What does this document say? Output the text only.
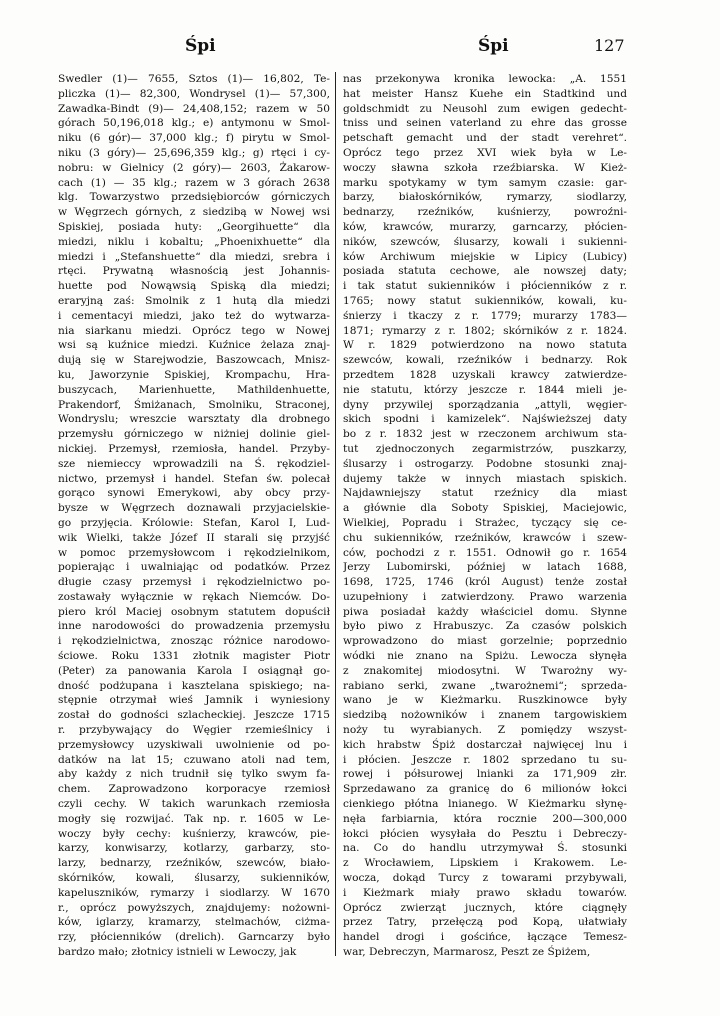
Śpi	Śpi	127
Swedler (1)— 7655, Sztos (1)— 16,802, Te-
pliczka (1)— 82,300, Wondrysel (1)— 57,300,
Zawadka-Bindt (9)— 24,408,152; razem w 50
górach 50,196,018 klg.; e) antymonu w Smol-
niku (6 gór)— 37,000 klg.; f) pirytu w Smol-
niku (3 góry)— 25,696,359 klg.; g) rtęci i cy-
nobru: w Gielnicy (2 góry)— 2603, Żakarow-
cach (1) — 35 klg.; razem w 3 górach 2638
klg. Towarzystwo przedsiębiorców górniczych
w Węgrzech górnych, z siedzibą w Nowej wsi
Spiskiej, posiada huty: „Georgihuette“ dla
miedzi, niklu i kobaltu; „Phoenixhuette“ dla
miedzi i „Stefanshuette“ dla miedzi, srebra i
rtęci. Prywatną własnością jest Johannis-
huette pod Nowąwsią Spiską dla miedzi;
eraryjną zaś: Smolnik z 1 hutą dla miedzi
i cementacyi miedzi, jako też do wytwarza-
nia siarkanu miedzi. Oprócz tego w Nowej
wsi są kuźnice miedzi. Kuźnice żelaza znaj-
dują się w Starejwodzie, Baszowcach, Mnisz-
ku, Jaworzynie Spiskiej, Krompachu, Hra-
buszycach, Marienhuette, Mathildenhuette,
Prakendorf, Śmiżanach, Smolniku, Straconej,
Wondryslu; wreszcie warsztaty dla drobnego
przemysłu górniczego w niżniej dolinie giel-
nickiej. Przemysł, rzemiosła, handel. Przyby-
sze niemieccy wprowadzili na Ś. rękodziel-
nictwo, przemysł i handel. Stefan św. polecał
gorąco synowi Emerykowi, aby obcy przy-
bysze w Węgrzech doznawali przyjacielskie-
go przyjęcia. Królowie: Stefan, Karol I, Lud-
wik Wielki, także Józef II starali się przyjść
w pomoc przemysłowcom i rękodzielnikom,
popierając i uwalniając od podatków. Przez
długie czasy przemysł i rękodzielnictwo po-
zostawały wyłącznie w rękach Niemców. Do-
piero król Maciej osobnym statutem dopuścił
inne narodowości do prowadzenia przemysłu
i rękodzielnictwa, znosząc różnice narodowo-
ściowe. Roku 1331 złotnik magister Piotr
(Peter) za panowania Karola I osiągnął go-
dność podżupana i kasztelana spiskiego; na-
stępnie otrzymał wieś Jamnik i wyniesiony
został do godności szlacheckiej. Jeszcze 1715
r. przybywający do Węgier rzemieślnicy i
przemysłowcy uzyskiwali uwolnienie od po-
datków na lat 15; czuwano atoli nad tem,
aby każdy z nich trudnił się tylko swym fa-
chem. Zaprowadzono korporacye rzemiosł
czyli cechy. W takich warunkach rzemiosła
mogły się rozwijać. Tak np. r. 1605 w Le-
woczy były cechy: kuśnierzy, krawców, pie-
karzy, konwisarzy, kotlarzy, garbarzy, sto-
larzy, bednarzy, rzeźników, szewców, biało-
skórników, kowali, ślusarzy, sukienników,
kapeluszników, rymarzy i siodlarzy. W 1670
r., oprócz powyższych, znajdujemy: nożowni-
ków, iglarzy, kramarzy, stelmachów, ciżma-
rzy, płócienników (drelich). Garncarzy było
bardzo mało; złotnicy istnieli w Lewoczy, jak
nas przekonywa kronika lewocka: „A. 1551
hat meister Hansz Kuehe ein Stadtkind und
goldschmidt zu Neusohl zum ewigen gedecht-
tniss und seinen vaterland zu ehre das grosse
petschaft gemacht und der stadt verehret“.
Oprócz tego przez XVI wiek była w Le-
woczy sławna szkoła rzeźbiarska. W Kież-
marku spotykamy w tym samym czasie: gar-
barzy, białoskórników, rymarzy, siodlarzy,
bednarzy, rzeźników, kuśnierzy, powroźni-
ków, krawców, murarzy, garncarzy, płócien-
ników, szewców, ślusarzy, kowali i sukienni-
ków Archiwum miejskie w Lipicy (Lubicy)
posiada statuta cechowe, ale nowszej daty;
i tak statut sukienników i płócienników z r.
1765; nowy statut sukienników, kowali, ku-
śnierzy i tkaczy z r. 1779; murarzy 1783—
1871; rymarzy z r. 1802; skórników z r. 1824.
W r. 1829 potwierdzono na nowo statuta
szewców, kowali, rzeźników i bednarzy. Rok
przedtem 1828 uzyskali krawcy zatwierdze-
nie statutu, którzy jeszcze r. 1844 mieli je-
dyny przywilej sporządzania „attyli, węgier-
skich spodni i kamizelek“. Najświeższej daty
bo z r. 1832 jest w rzeczonem archiwum sta-
tut zjednoczonych zegarmistrzów, puszkarzy,
ślusarzy i ostrogarzy. Podobne stosunki znaj-
dujemy także w innych miastach spiskich.
Najdawniejszy statut rzeźnicy dla miast
a głównie dla Soboty Spiskiej, Maciejowic,
Wielkiej, Popradu i Strażec, tyczący się ce-
chu sukienników, rzeźników, krawców i szew-
ców, pochodzi z r. 1551. Odnowił go r. 1654
Jerzy Lubomirski, później w latach 1688,
1698, 1725, 1746 (król August) tenże został
uzupełniony i zatwierdzony. Prawo warzenia
piwa posiadał każdy właściciel domu. Słynne
było piwo z Hrabuszyc. Za czasów polskich
wprowadzono do miast gorzelnie; poprzednio
wódki nie znano na Spiżu. Lewocza słynęła
z znakomitej miodosytni. W Twarożny wy-
rabiano serki, zwane „twarożnemi“; sprzeda-
wano je w Kieżmarku. Ruszkinowce były
siedzibą nożowników i znanem targowiskiem
noży tu wyrabianych. Z pomiędzy wszyst-
kich hrabstw Śpiż dostarczał najwięcej lnu i
i płócien. Jeszcze r. 1802 sprzedano tu su-
rowej i półsurowej lnianki za 171,909 złr.
Sprzedawano za granicę do 6 milionów łokci
cienkiego płótna lnianego. W Kieżmarku słynę-
nęła farbiarnia, która rocznie 200—300,000
łokci płócien wysyłała do Pesztu i Debreczy-
na. Co do handlu utrzymywał Ś. stosunki
z Wrocławiem, Lipskiem i Krakowem. Le-
wocza, dokąd Turcy z towarami przybywali,
i Kieżmark miały prawo składu towarów.
Oprócz zwierząt jucznych, które ciągnęły
przez Tatry, przełęczą pod Kopą, ułatwiały
handel drogi i gościńce, łączące Temesz-
war, Debreczyn, Marmarosz, Peszt ze Śpiżem,
